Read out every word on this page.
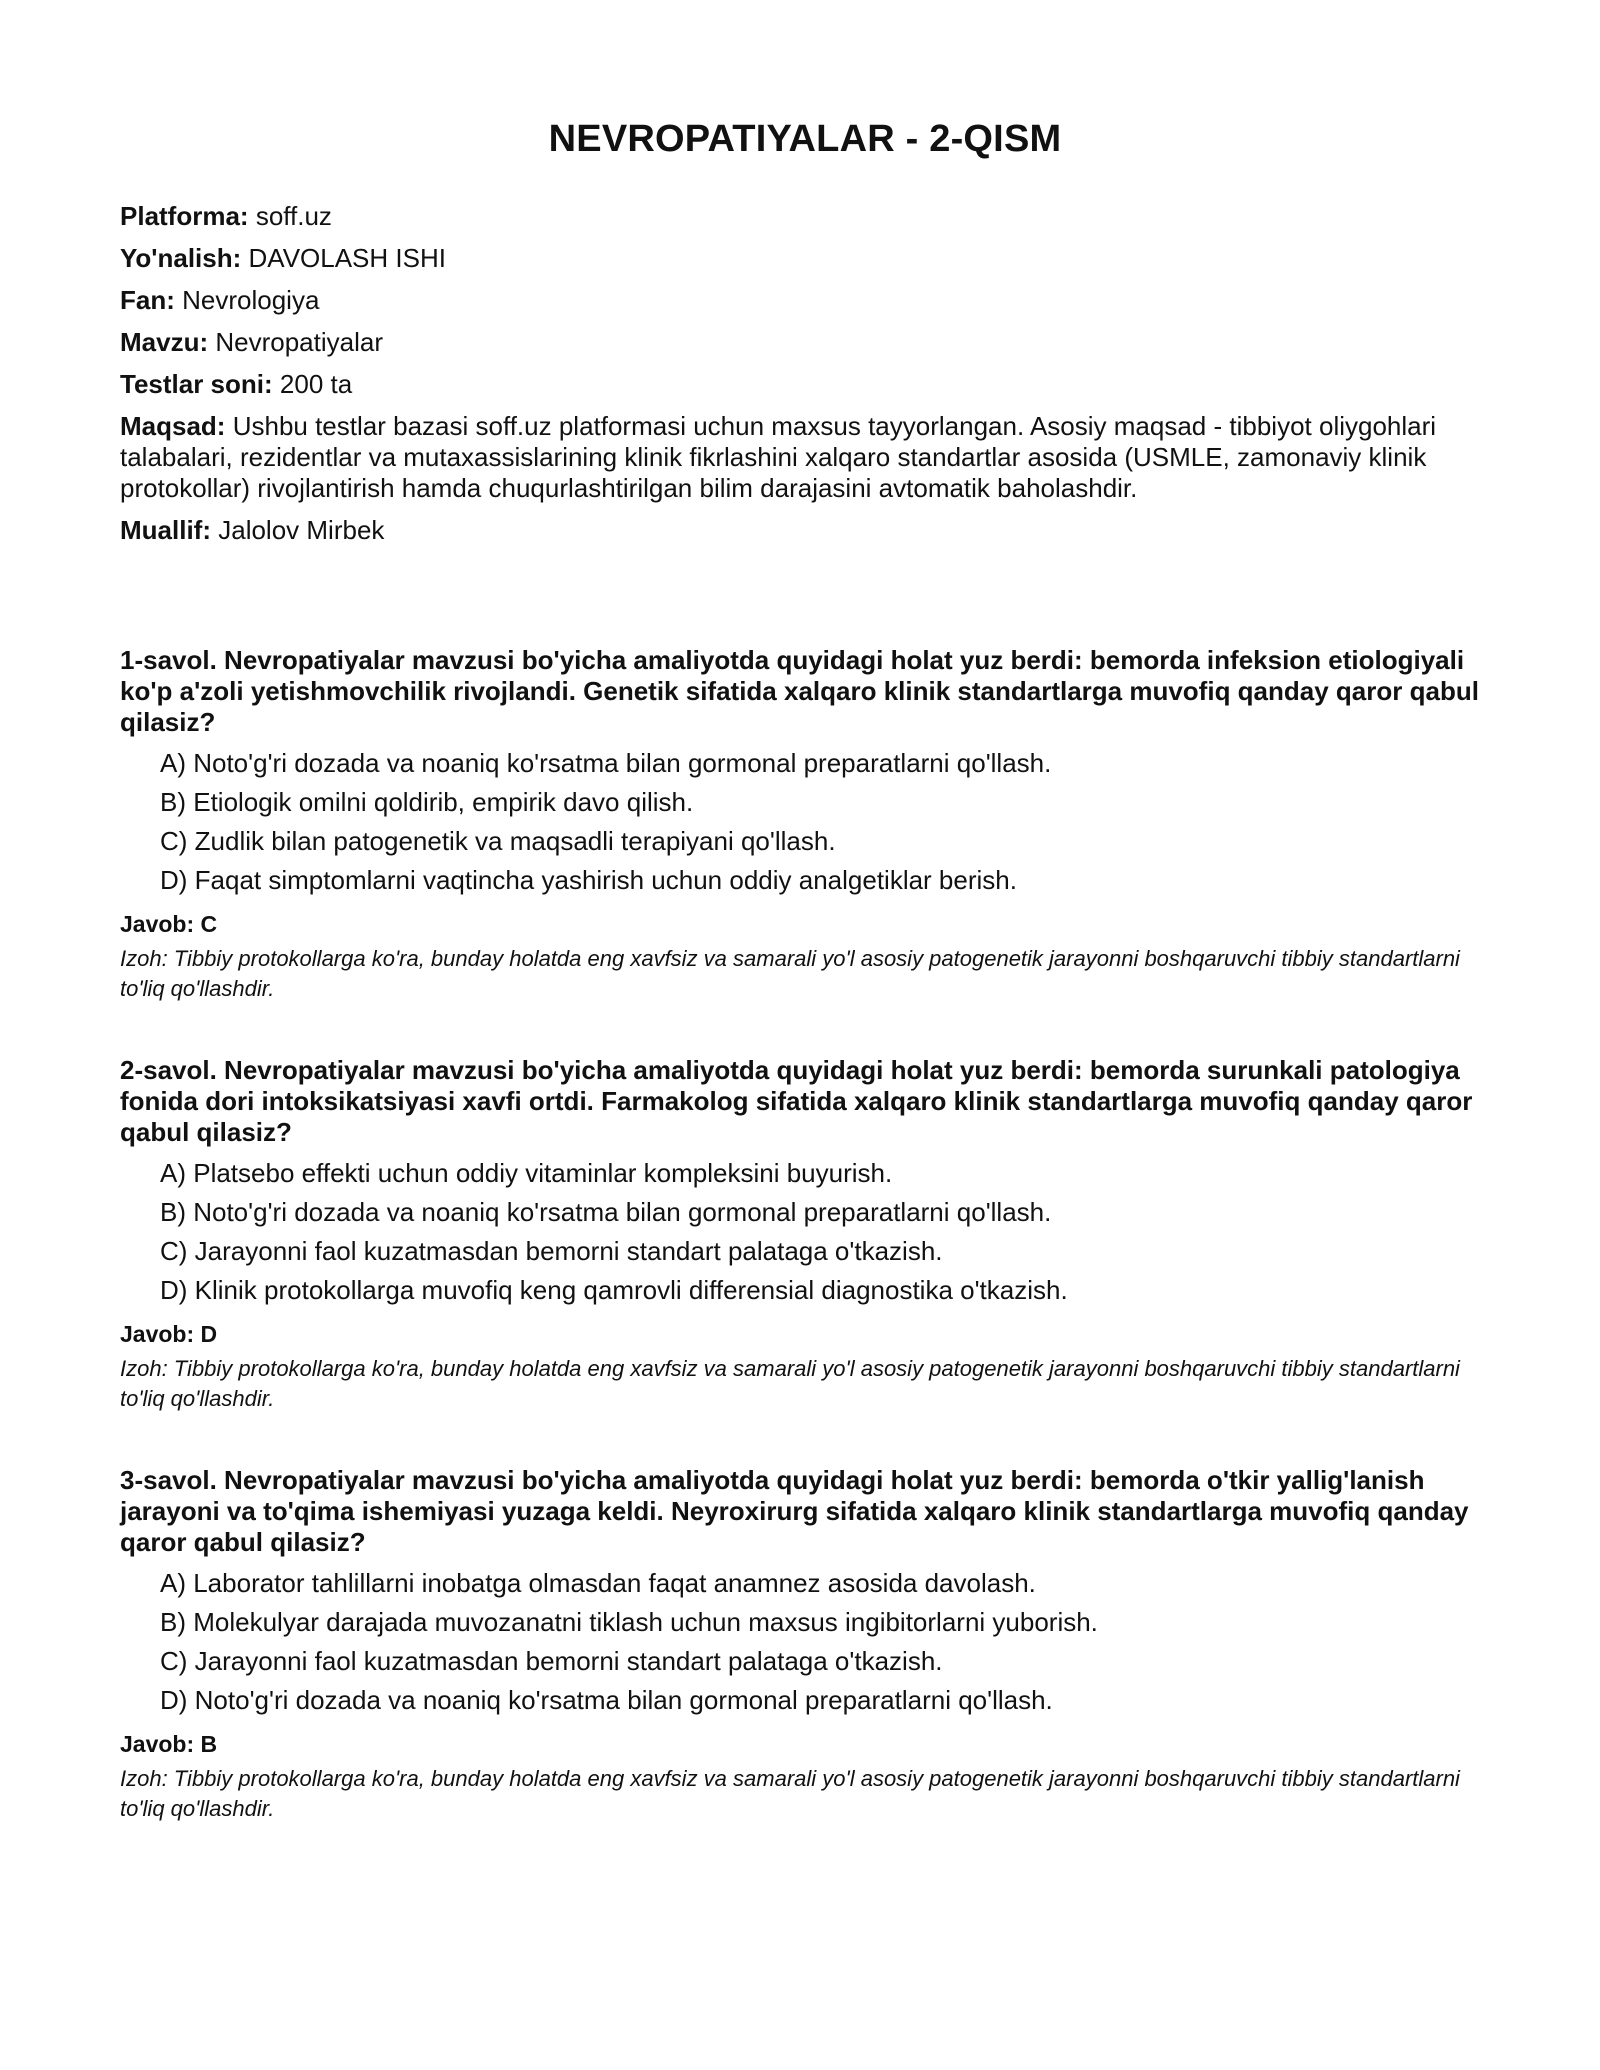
NEVROPATIYALAR - 2-QISM
Platforma: soff.uz
Yo'nalish: DAVOLASH ISHI
Fan: Nevrologiya
Mavzu: Nevropatiyalar
Testlar soni: 200 ta
Maqsad: Ushbu testlar bazasi soff.uz platformasi uchun maxsus tayyorlangan. Asosiy maqsad - tibbiyot oliygohlari talabalari, rezidentlar va mutaxassislarining klinik fikrlashini xalqaro standartlar asosida (USMLE, zamonaviy klinik protokollar) rivojlantirish hamda chuqurlashtirilgan bilim darajasini avtomatik baholashdir.
Muallif: Jalolov Mirbek

1-savol. Nevropatiyalar mavzusi bo'yicha amaliyotda quyidagi holat yuz berdi: bemorda infeksion etiologiyali ko'p a'zoli yetishmovchilik rivojlandi. Genetik sifatida xalqaro klinik standartlarga muvofiq qanday qaror qabul qilasiz?

A) Noto'g'ri dozada va noaniq ko'rsatma bilan gormonal preparatlarni qo'llash.
B) Etiologik omilni qoldirib, empirik davo qilish.
C) Zudlik bilan patogenetik va maqsadli terapiyani qo'llash.
D) Faqat simptomlarni vaqtincha yashirish uchun oddiy analgetiklar berish.
Javob: C

Izoh: Tibbiy protokollarga ko'ra, bunday holatda eng xavfsiz va samarali yo'l asosiy patogenetik jarayonni boshqaruvchi tibbiy standartlarni to'liq qo'llashdir.

2-savol. Nevropatiyalar mavzusi bo'yicha amaliyotda quyidagi holat yuz berdi: bemorda surunkali patologiya fonida dori intoksikatsiyasi xavfi ortdi. Farmakolog sifatida xalqaro klinik standartlarga muvofiq qanday qaror qabul qilasiz?

A) Platsebo effekti uchun oddiy vitaminlar kompleksini buyurish.
B) Noto'g'ri dozada va noaniq ko'rsatma bilan gormonal preparatlarni qo'llash.
C) Jarayonni faol kuzatmasdan bemorni standart palataga o'tkazish.
D) Klinik protokollarga muvofiq keng qamrovli differensial diagnostika o'tkazish.
Javob: D

Izoh: Tibbiy protokollarga ko'ra, bunday holatda eng xavfsiz va samarali yo'l asosiy patogenetik jarayonni boshqaruvchi tibbiy standartlarni to'liq qo'llashdir.

3-savol. Nevropatiyalar mavzusi bo'yicha amaliyotda quyidagi holat yuz berdi: bemorda o'tkir yallig'lanish jarayoni va to'qima ishemiyasi yuzaga keldi. Neyroxirurg sifatida xalqaro klinik standartlarga muvofiq qanday qaror qabul qilasiz?

A) Laborator tahlillarni inobatga olmasdan faqat anamnez asosida davolash.
B) Molekulyar darajada muvozanatni tiklash uchun maxsus ingibitorlarni yuborish.
C) Jarayonni faol kuzatmasdan bemorni standart palataga o'tkazish.
D) Noto'g'ri dozada va noaniq ko'rsatma bilan gormonal preparatlarni qo'llash.
Javob: B

Izoh: Tibbiy protokollarga ko'ra, bunday holatda eng xavfsiz va samarali yo'l asosiy patogenetik jarayonni boshqaruvchi tibbiy standartlarni to'liq qo'llashdir.
